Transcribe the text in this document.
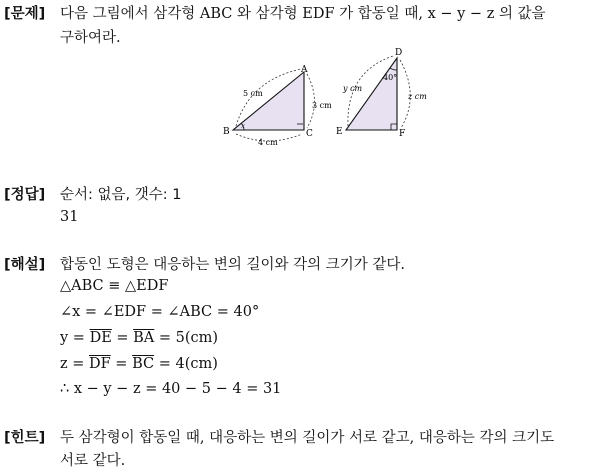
[문제] 다음 그림에서 삼각형 ABC 와 삼각형 EDF 가 합동일 때, x − y − z 의 값을
구하여라.
A
B	C
5 cm
3 cm
4 cm
x
D
E	F
y cm
z cm
40°
[정답] 순서: 없음, 갯수: 1
31
[해설] 합동인 도형은 대응하는 변의 길이와 각의 크기가 같다.
△ABC ≡ △EDF
∠x = ∠EDF = ∠ABC = 40°
$y = \overline{DE} = \overline{BA} = 5(cm)$
$z = \overline{DF} = \overline{BC} = 4(cm)$
∴ x − y − z = 40 − 5 − 4 = 31
[힌트] 두 삼각형이 합동일 때, 대응하는 변의 길이가 서로 같고, 대응하는 각의 크기도
서로 같다.
